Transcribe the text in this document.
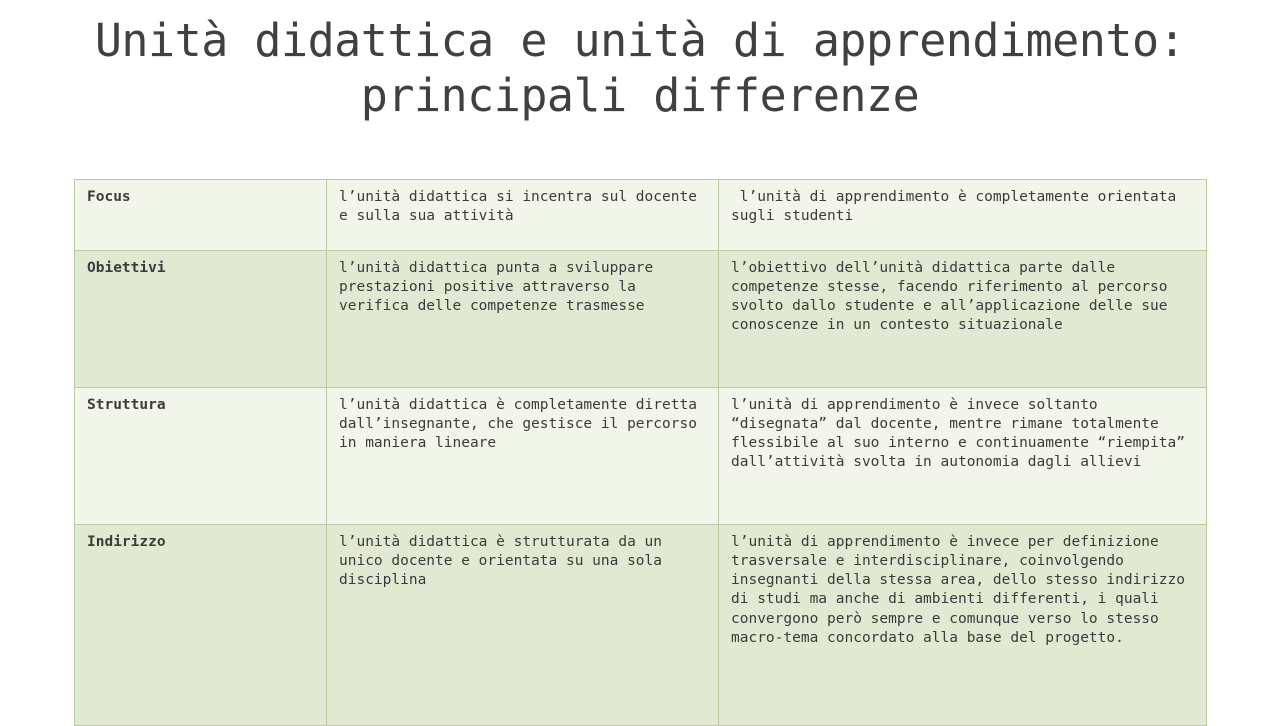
Unità didattica e unità di apprendimento: principali differenze
Focus	l’unità didattica si incentra sul docente e sulla sua attività	l’unità di apprendimento è completamente orientata sugli studenti
Obiettivi	l’unità didattica punta a sviluppare prestazioni positive attraverso la verifica delle competenze trasmesse	l’obiettivo dell’unità didattica parte dalle competenze stesse, facendo riferimento al percorso svolto dallo studente e all’applicazione delle sue conoscenze in un contesto situazionale
Struttura	l’unità didattica è completamente diretta dall’insegnante, che gestisce il percorso in maniera lineare	l’unità di apprendimento è invece soltanto “disegnata” dal docente, mentre rimane totalmente flessibile al suo interno e continuamente “riempita” dall’attività svolta in autonomia dagli allievi
Indirizzo	l’unità didattica è strutturata da un unico docente e orientata su una sola disciplina	l’unità di apprendimento è invece per definizione trasversale e interdisciplinare, coinvolgendo insegnanti della stessa area, dello stesso indirizzo di studi ma anche di ambienti differenti, i quali convergono però sempre e comunque verso lo stesso macro-tema concordato alla base del progetto.
